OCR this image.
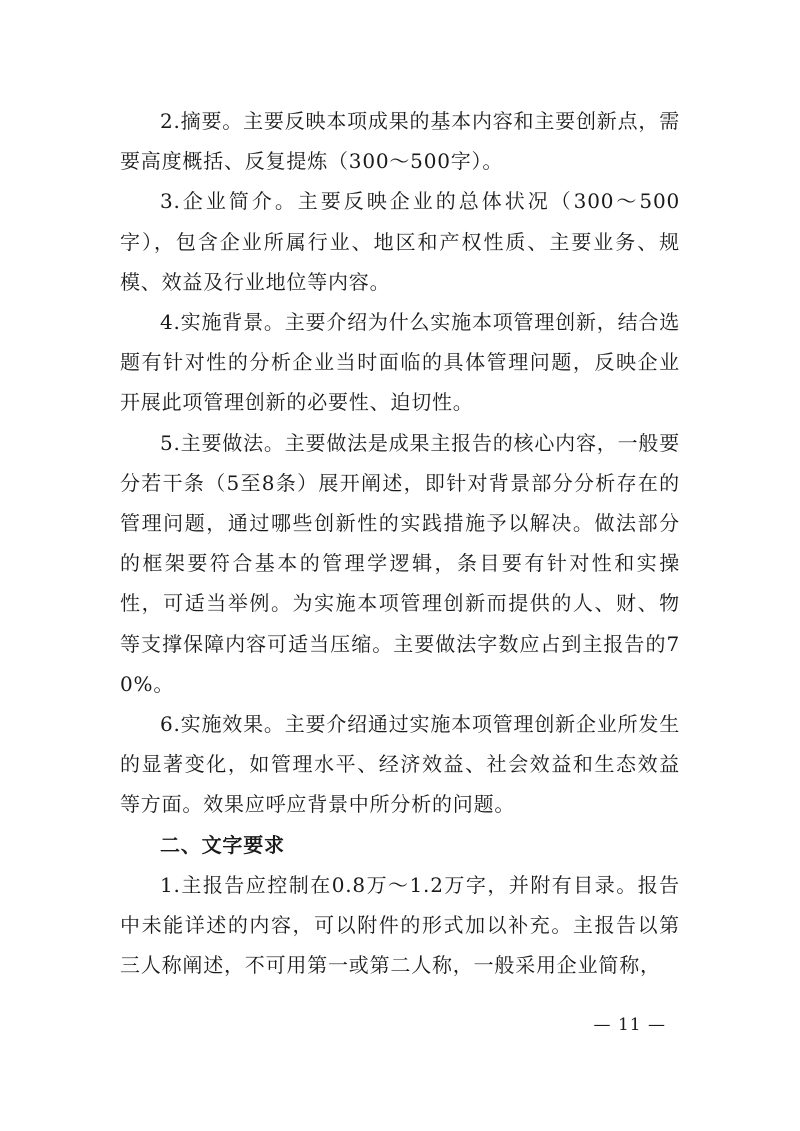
2.摘要。主要反映本项成果的基本内容和主要创新点，需要高度概括、反复提炼（300～500字）。

3.企业简介。主要反映企业的总体状况（300～500字），包含企业所属行业、地区和产权性质、主要业务、规模、效益及行业地位等内容。

4.实施背景。主要介绍为什么实施本项管理创新，结合选题有针对性的分析企业当时面临的具体管理问题，反映企业开展此项管理创新的必要性、迫切性。

5.主要做法。主要做法是成果主报告的核心内容，一般要分若干条（5至8条）展开阐述，即针对背景部分分析存在的管理问题，通过哪些创新性的实践措施予以解决。做法部分的框架要符合基本的管理学逻辑，条目要有针对性和实操性，可适当举例。为实施本项管理创新而提供的人、财、物等支撑保障内容可适当压缩。主要做法字数应占到主报告的70%。

6.实施效果。主要介绍通过实施本项管理创新企业所发生的显著变化，如管理水平、经济效益、社会效益和生态效益等方面。效果应呼应背景中所分析的问题。

二、文字要求

1.主报告应控制在0.8万～1.2万字，并附有目录。报告中未能详述的内容，可以附件的形式加以补充。主报告以第三人称阐述，不可用第一或第二人称，一般采用企业简称，

— 11 —
